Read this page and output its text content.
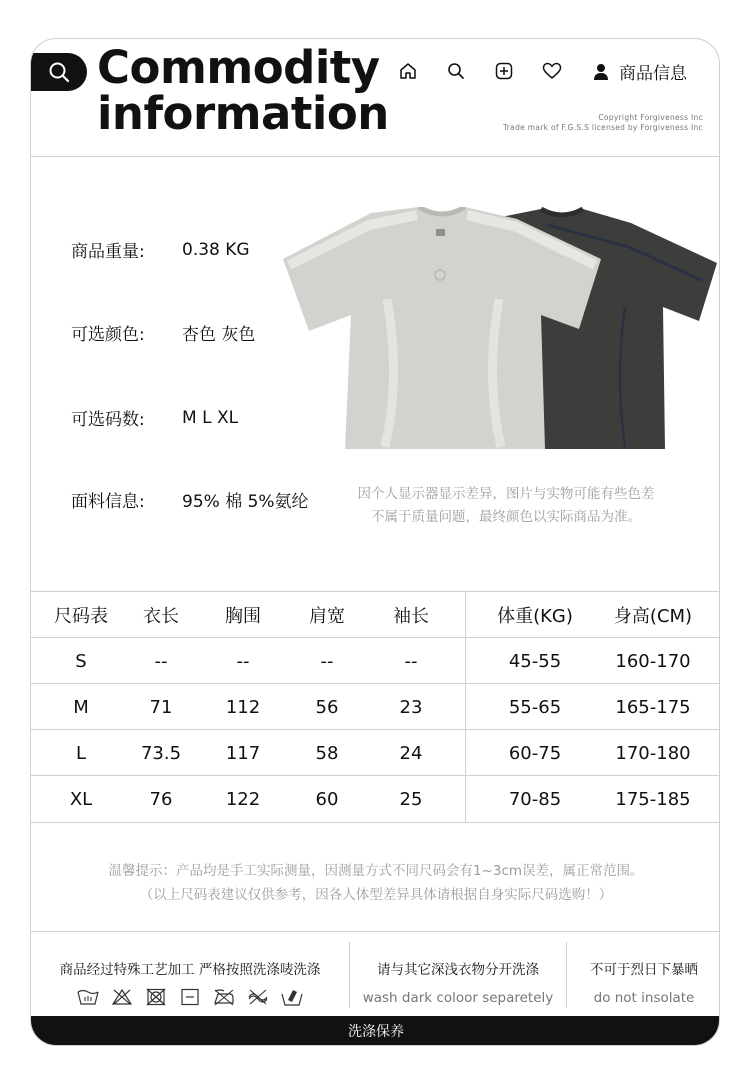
Commodity
information
商品信息
Copyright Forgiveness Inc
Trade mark of F.G.S.S licensed by Forgiveness Inc
商品重量:	0.38 KG
可选颜色:	杏色 灰色
可选码数:	M L XL
面料信息:	95% 棉 5%氨纶	因个人显示器显示差异，图片与实物可能有些色差
不属于质量问题，最终颜色以实际商品为准。
尺码表	衣长	胸围	肩宽	袖长	体重(KG)	身高(CM)
S	--	--	--	--	45-55	160-170
M	71	112	56	23	55-65	165-175
L	73.5	117	58	24	60-75	170-180
XL	76	122	60	25	70-85	175-185

温馨提示：产品均是手工实际测量，因测量方式不同尺码会有1~3cm误差，属正常范围。

（以上尺码表建议仅供参考，因各人体型差异具体请根据自身实际尺码选购！）

商品经过特殊工艺加工 严格按照洗涤唛洗涤	请与其它深浅衣物分开洗涤
wash dark coloor separetely
不可于烈日下暴晒
do not insolate
洗涤保养
